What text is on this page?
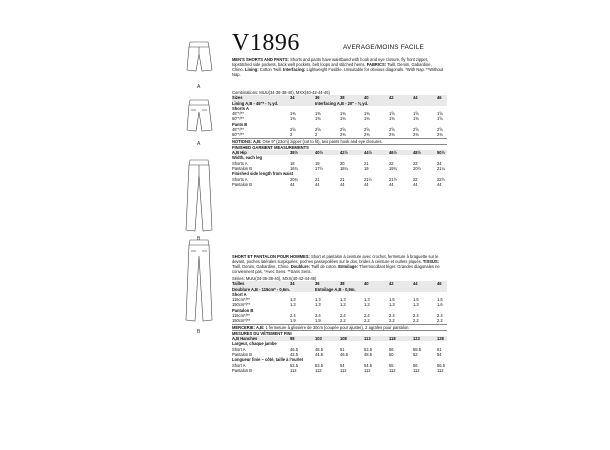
A
A
B
B
V1896	AVERAGE/MOINS FACILE
MEN'S SHORTS AND PANTS: Shorts and pants have waistband with hook and eye closure, fly front zipper, topstitched side pockets, back welt pockets, belt loops and stitched hems. FABRICS: Twill, Denim, Gabardine, Chino. Lining: Cotton Twill. Interfacing: Lightweight Fusible. Unsuitable for obvious diagonals. *With Nap. **Without Nap.
Combinations: MUU(34-36-38-40), MXX(40-42-44-46)
Sizes	34	36	38	40	42	44	46
Lining A,B - 45"* - ⅜ yd.	Interfacing A,B - 20" - ⅜ yd.
Shorts A
45"*/**	1⅜	1⅜	1⅜	1⅜	1⅝	1⅝	1⅝
60"*/**	1⅜	1⅜	1⅜	1⅜	1⅜	1⅜	1⅝
Pants B
45"*/**	2⅝	2⅝	2⅝	2⅝	2⅝	2⅝	2⅝
60"*/**	2	2	2⅜	2⅜	2⅜	2⅜	2⅜
NOTIONS: A,B: One 9" (23cm) zipper (cut to fit), two pants hook and eye closures.
FINISHED GARMENT MEASUREMENTS
A,B Hip	38½	40½	42½	44½	46½	48½	50½
Width, each leg
Shorts A	18	19	20	21	22	23	24
Pantalon B	16¾	17½	18¼	19	19¾	20½	21¼
Finished side length from waist
Shorts A	20¾	21	21	21½	21½	22	22½
Pantalon B	44	44	44	44	44	44	44
SHORT ET PANTALON POUR HOMMES: Short et pantalon à ceinture avec crochet, fermeture à braguette sur le devant, poches latérales surpiquées, poches passepoilées sur le dos, brides à ceinture et ourlets piqués. TISSUS: Twill, Denim, Gabardine, Chino. Doublure: Twill de coton. Entoilage: Thermocollant léger. Grandes diagonales ne conviennent pas. *Avec Sens. **Sans Sens.
Séries: MUU(34-36-38-40), MXX(40-42-44-46)
Tailles	34	36	38	40	42	44	46
Doublure A,B - 115cm* - 0,6m.	Entoilage A,B - 0,9m.
Short A
115cm*/**	1.3	1.3	1.3	1.3	1.6	1.6	1.6
150cm*/**	1.3	1.3	1.3	1.3	1.3	1.3	1.6
Pantalon B
115cm*/**	2.4	2.4	2.4	2.4	2.4	2.4	2.4
150cm*/**	1.9	1.9	2.2	2.2	2.2	2.2	2.2
MERCERIE: A,B: 1 fermeture à glissière de 30cm (coupée pour ajuster), 2 agrafes pour pantalon.
MESURES DU VÊTEMENT FINI
A,B Hanches	98	103	108	113	118	123	128
Largeur, chaque jambe
Short A	46.5	48.5	51	53.5	56	58.5	61
Pantalon B	42.5	44.5	46.5	48.5	50	52	54
Longueur finie – côté, taille à l'ourlet
Short A	52.5	53.5	54	54.5	55	56	56.5
Pantalon B	112	112	112	112	112	112	112
